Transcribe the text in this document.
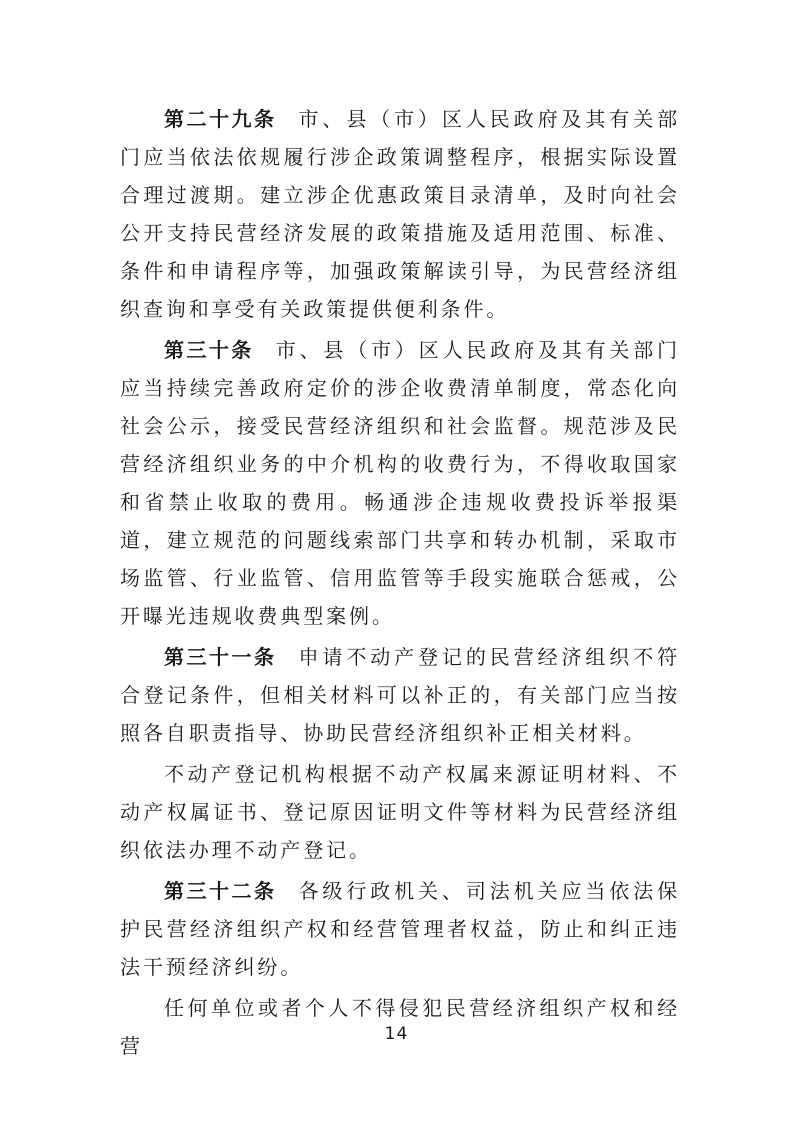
第二十九条 市、县（市）区人民政府及其有关部门应当依法依规履行涉企政策调整程序，根据实际设置合理过渡期。建立涉企优惠政策目录清单，及时向社会公开支持民营经济发展的政策措施及适用范围、标准、条件和申请程序等，加强政策解读引导，为民营经济组织查询和享受有关政策提供便利条件。

第三十条 市、县（市）区人民政府及其有关部门应当持续完善政府定价的涉企收费清单制度，常态化向社会公示，接受民营经济组织和社会监督。规范涉及民营经济组织业务的中介机构的收费行为，不得收取国家和省禁止收取的费用。畅通涉企违规收费投诉举报渠道，建立规范的问题线索部门共享和转办机制，采取市场监管、行业监管、信用监管等手段实施联合惩戒，公开曝光违规收费典型案例。

第三十一条 申请不动产登记的民营经济组织不符合登记条件，但相关材料可以补正的，有关部门应当按照各自职责指导、协助民营经济组织补正相关材料。

不动产登记机构根据不动产权属来源证明材料、不动产权属证书、登记原因证明文件等材料为民营经济组织依法办理不动产登记。

第三十二条 各级行政机关、司法机关应当依法保护民营经济组织产权和经营管理者权益，防止和纠正违法干预经济纠纷。

任何单位或者个人不得侵犯民营经济组织产权和经营	14
